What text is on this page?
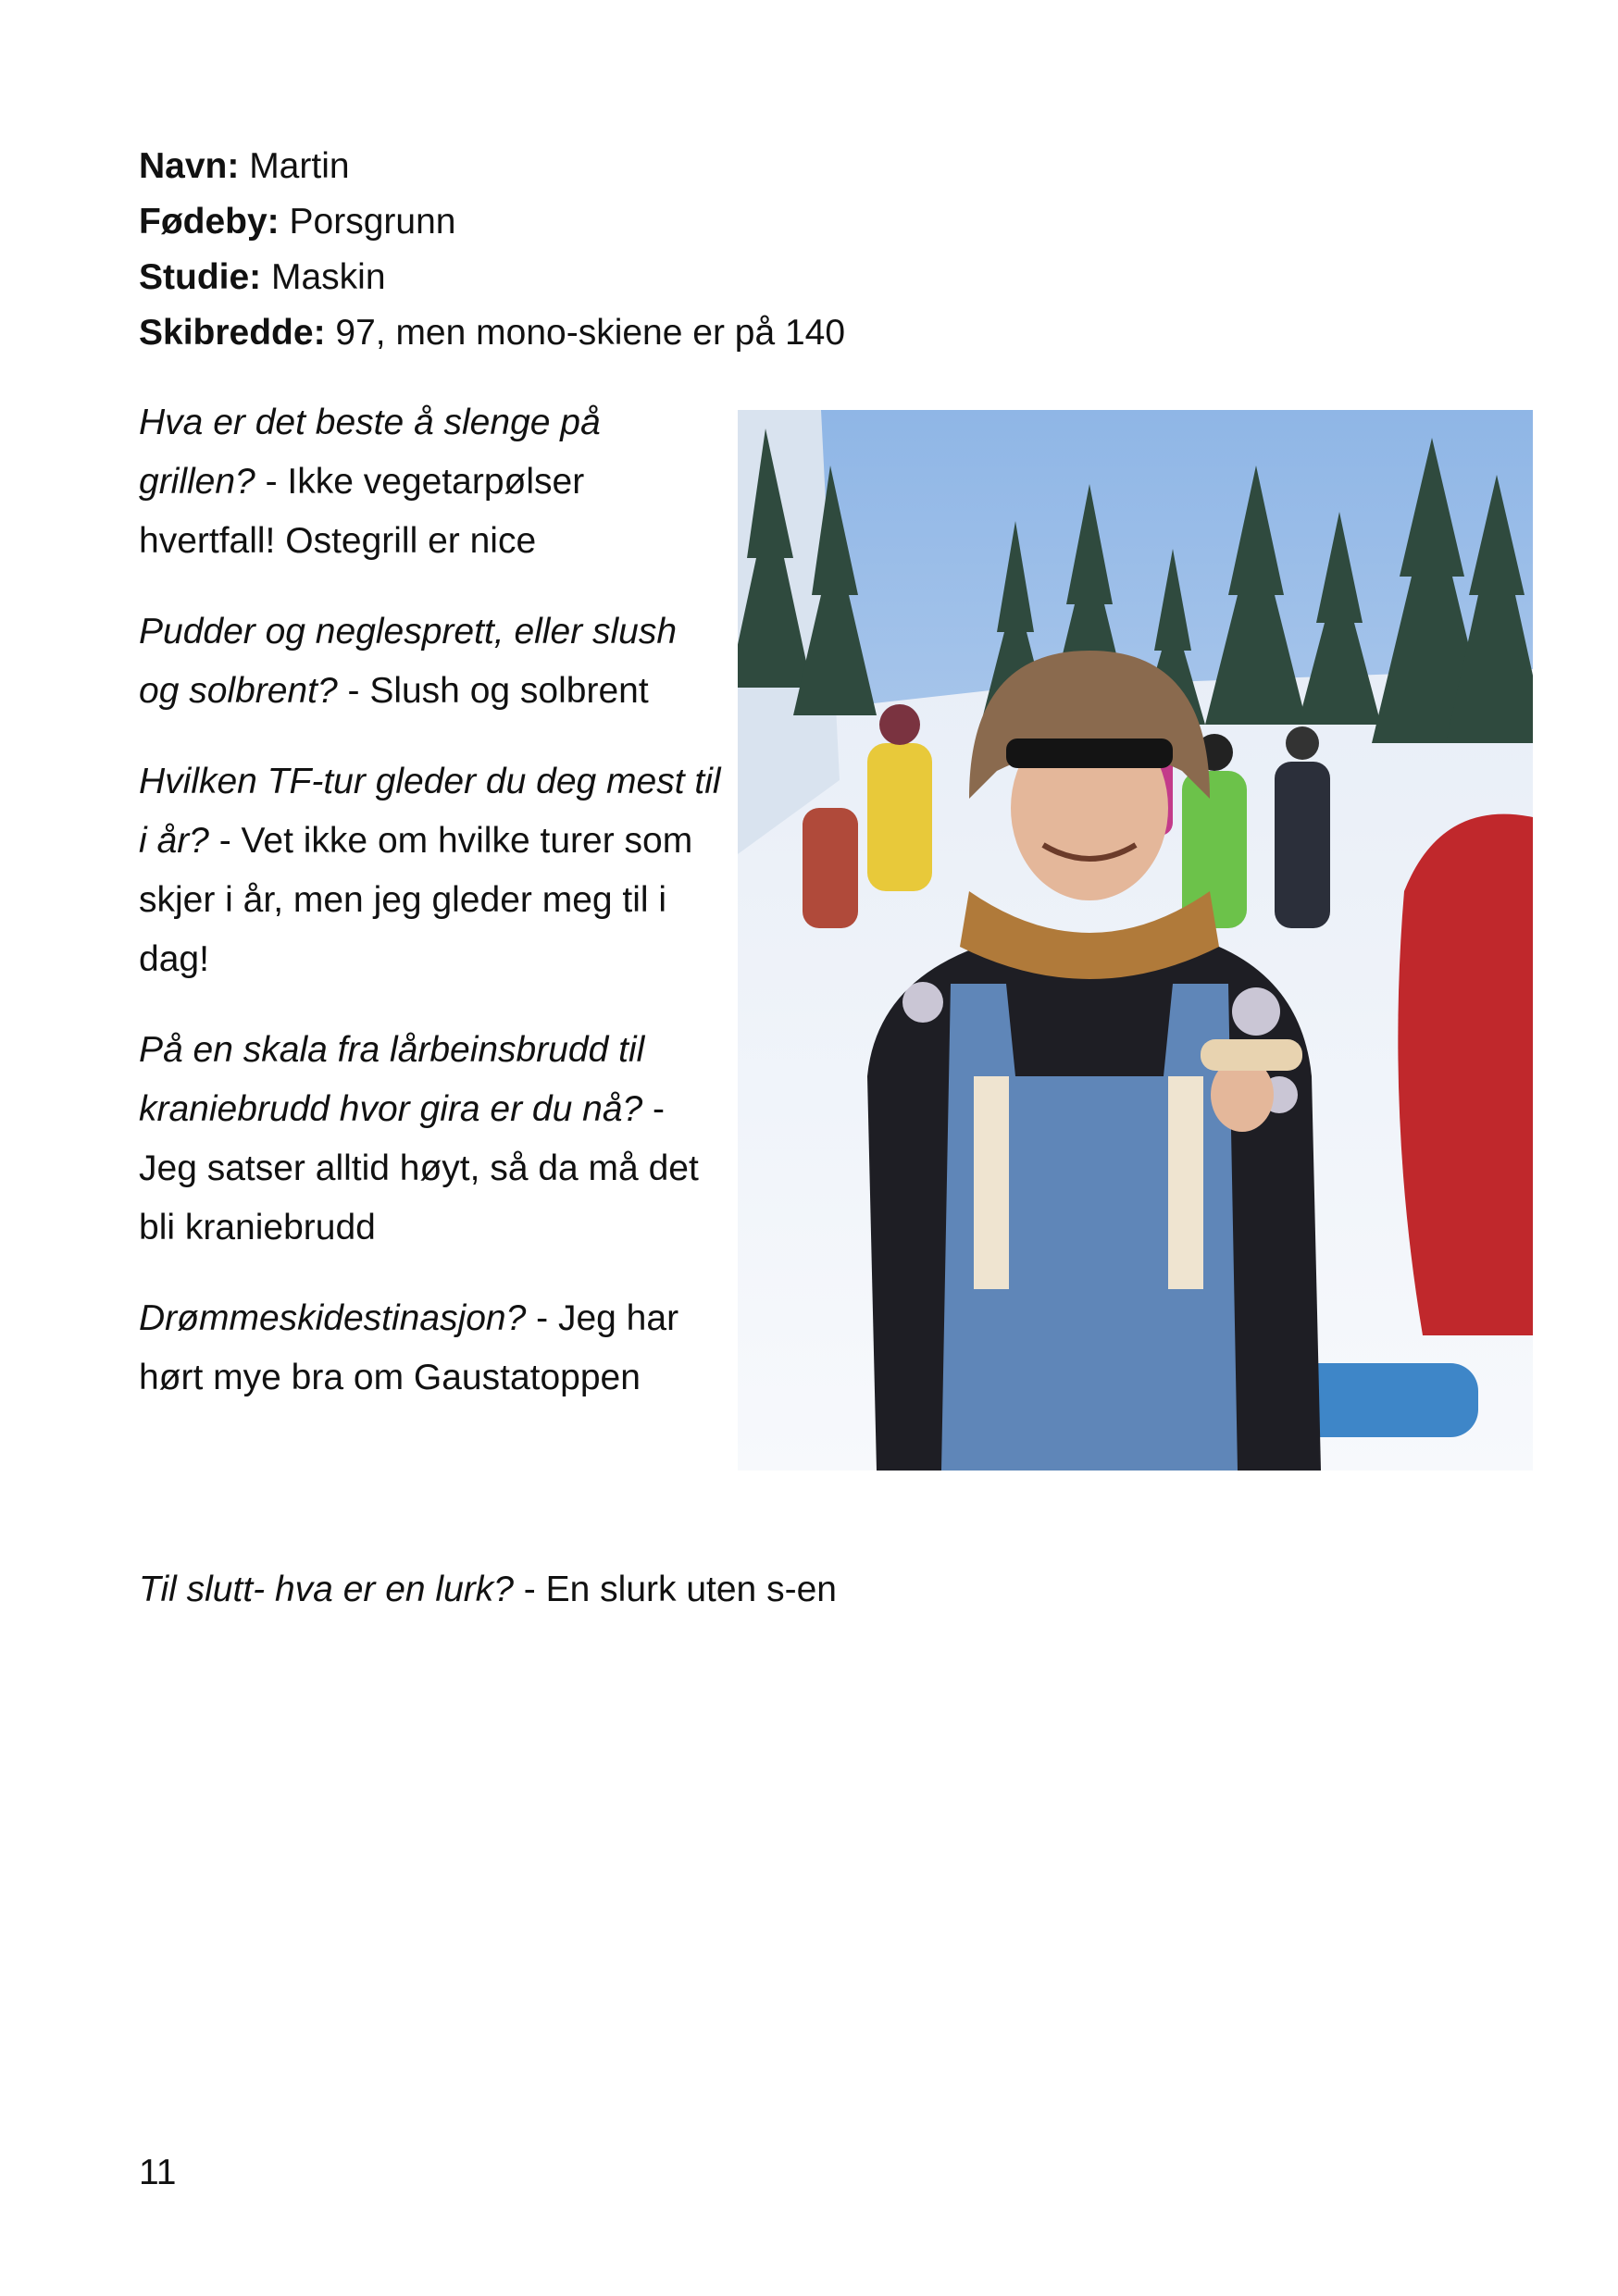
Navn: Martin
Fødeby: Porsgrunn
Studie: Maskin
Skibredde: 97, men mono-skiene er på 140

Hva er det beste å slenge på grillen? - Ikke vegetarpølser hvertfall! Ostegrill er nice

Pudder og neglesprett, eller slush og solbrent? - Slush og solbrent

Hvilken TF-tur gleder du deg mest til i år? - Vet ikke om hvilke turer som skjer i år, men jeg gleder meg til i dag!

På en skala fra lårbeinsbrudd til kraniebrudd hvor gira er du nå? - Jeg satser alltid høyt, så da må det bli kraniebrudd

Drømmeskidestinasjon? - Jeg har hørt mye bra om Gaustatoppen

Til slutt- hva er en lurk? - En slurk uten s-en
11
